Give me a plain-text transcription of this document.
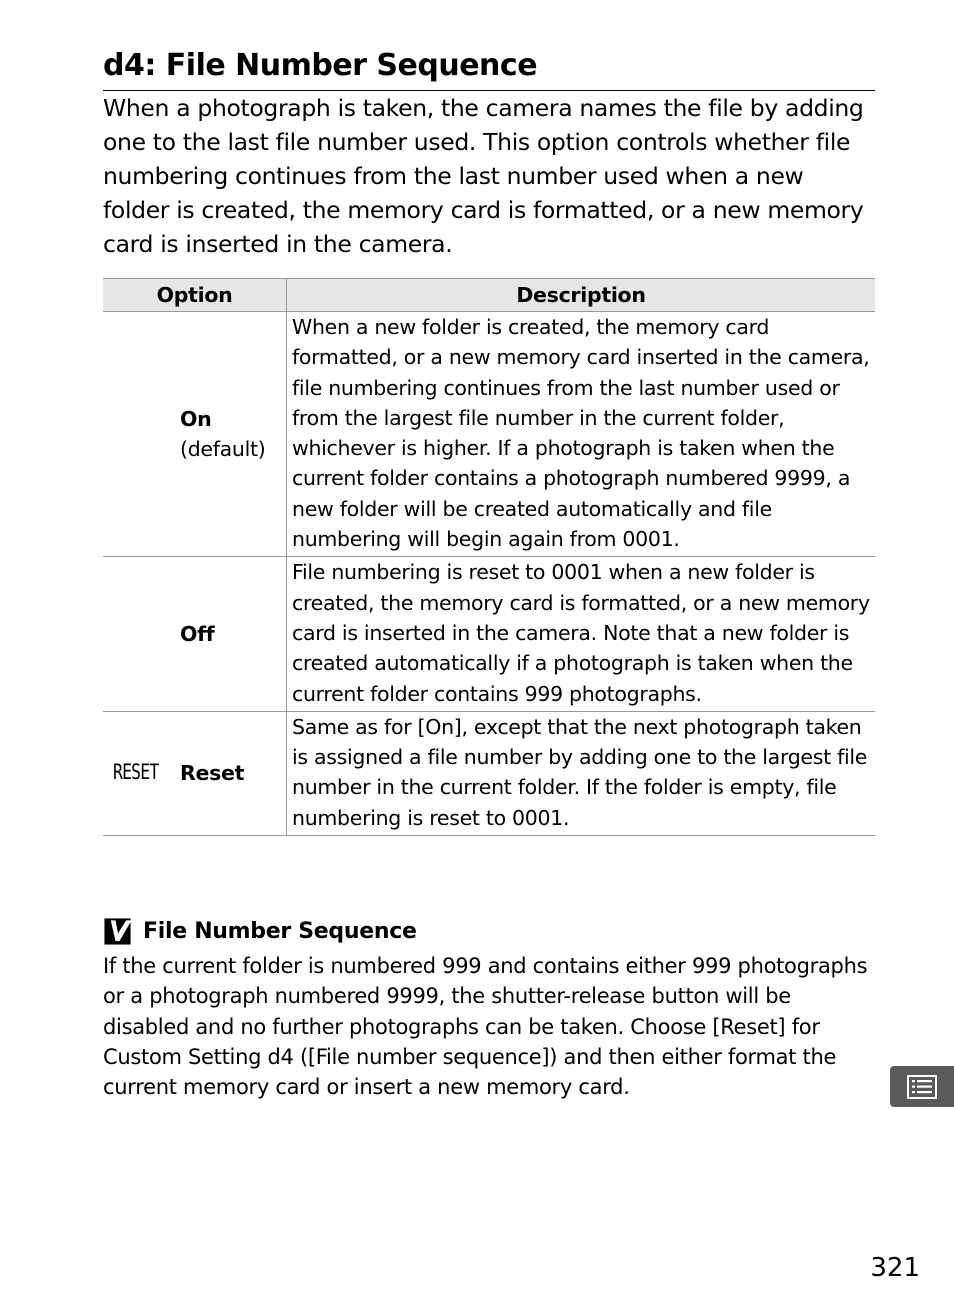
d4: File Number Sequence
When a photograph is taken, the camera names the file by adding one to the last file number used. This option controls whether file numbering continues from the last number used when a new folder is created, the memory card is formatted, or a new memory card is inserted in the camera.
Option	Description

On
(default)	When a new folder is created, the memory card formatted, or a new memory card inserted in the camera, file numbering continues from the last number used or from the largest file number in the current folder, whichever is higher. If a photograph is taken when the current folder contains a photograph numbered 9999, a new folder will be created automatically and file numbering will begin again from 0001.

Off	File numbering is reset to 0001 when a new folder is created, the memory card is formatted, or a new memory card is inserted in the camera. Note that a new folder is created automatically if a photograph is taken when the current folder contains 999 photographs.

RESET Reset	Same as for [On], except that the next photograph taken is assigned a file number by adding one to the largest file number in the current folder. If the folder is empty, file numbering is reset to 0001.
File Number Sequence
If the current folder is numbered 999 and contains either 999 photographs or a photograph numbered 9999, the shutter-release button will be disabled and no further photographs can be taken. Choose [Reset] for Custom Setting d4 ([File number sequence]) and then either format the current memory card or insert a new memory card.
321
